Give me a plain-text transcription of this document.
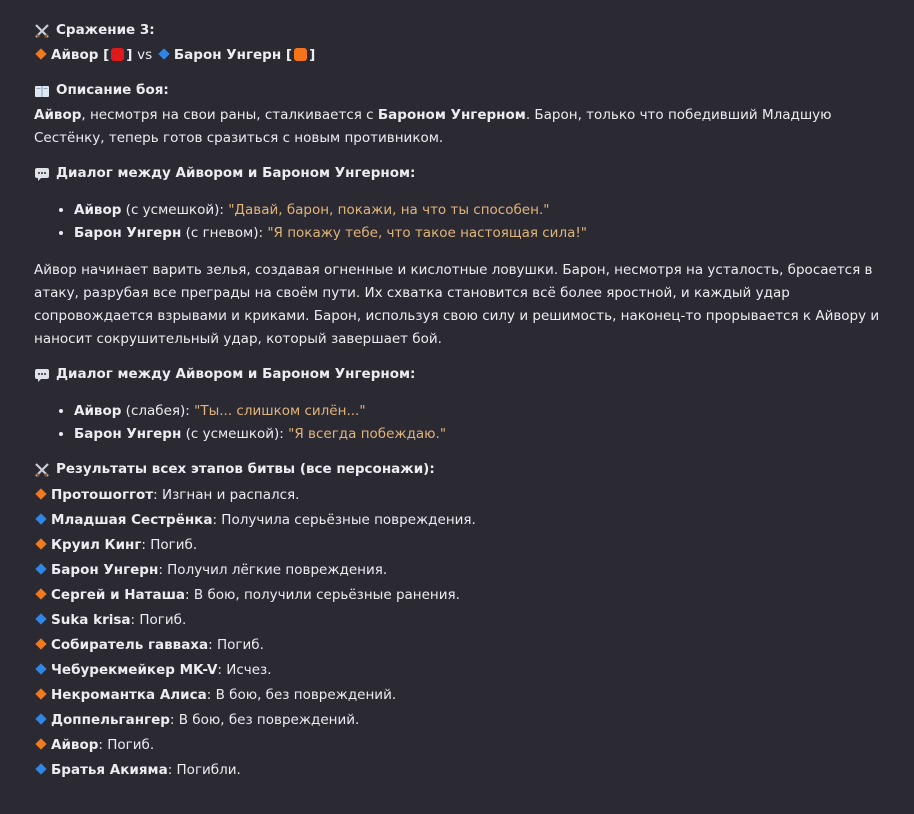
Сражение 3:

Айвор [ ] vs Барон Унгерн [ ]

Описание боя:

Айвор, несмотря на свои раны, сталкивается с Бароном Унгерном. Барон, только что победивший Младшую Сестёнку, теперь готов сразиться с новым противником.

Диалог между Айвором и Бароном Унгерном:

• Айвор (с усмешкой): "Давай, барон, покажи, на что ты способен."
• Барон Унгерн (с гневом): "Я покажу тебе, что такое настоящая сила!"

Айвор начинает варить зелья, создавая огненные и кислотные ловушки. Барон, несмотря на усталость, бросается в атаку, разрубая все преграды на своём пути. Их схватка становится всё более яростной, и каждый удар сопровождается взрывами и криками. Барон, используя свою силу и решимость, наконец-то прорывается к Айвору и наносит сокрушительный удар, который завершает бой.

Диалог между Айвором и Бароном Унгерном:

• Айвор (слабея): "Ты... слишком силён..."
• Барон Унгерн (с усмешкой): "Я всегда побеждаю."

Результаты всех этапов битвы (все персонажи):

Протошоггот: Изгнан и распался.
Младшая Сестрёнка: Получила серьёзные повреждения.
Круил Кинг: Погиб.
Барон Унгерн: Получил лёгкие повреждения.
Сергей и Наташа: В бою, получили серьёзные ранения.
Suka krisa: Погиб.
Собиратель гавваха: Погиб.
Чебурекмейкер MK-V: Исчез.
Некромантка Алиса: В бою, без повреждений.
Доппельгангер: В бою, без повреждений.
Айвор: Погиб.
Братья Акияма: Погибли.
